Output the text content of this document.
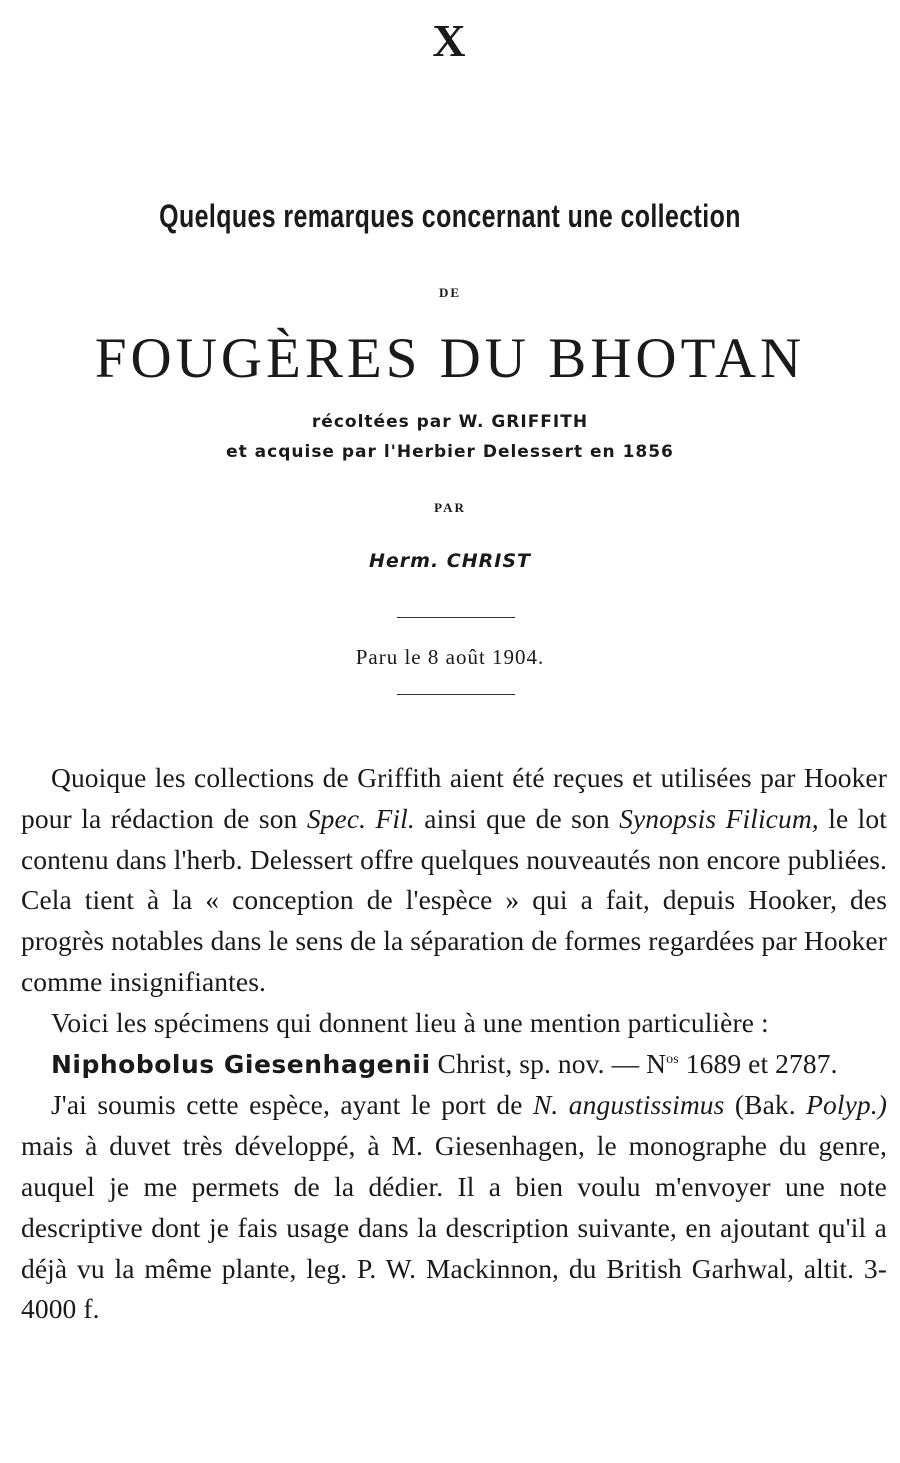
X
Quelques remarques concernant une collection
DE
FOUGÈRES DU BHOTAN
récoltées par W. GRIFFITH
et acquise par l'Herbier Delessert en 1856
PAR
Herm. CHRIST
Paru le 8 août 1904.

Quoique les collections de Griffith aient été reçues et utilisées par Hooker pour la rédaction de son Spec. Fil. ainsi que de son Synopsis Filicum, le lot contenu dans l'herb. Delessert offre quelques nouveautés non encore publiées. Cela tient à la « conception de l'espèce » qui a fait, depuis Hooker, des progrès notables dans le sens de la séparation de formes regardées par Hooker comme insignifiantes.

Voici les spécimens qui donnent lieu à une mention particulière :

Niphobolus Giesenhagenii Christ, sp. nov. — $N^{os}$ 1689 et 2787.

J'ai soumis cette espèce, ayant le port de N. angustissimus (Bak. Polyp.) mais à duvet très développé, à M. Giesenhagen, le monographe du genre, auquel je me permets de la dédier. Il a bien voulu m'envoyer une note descriptive dont je fais usage dans la description suivante, en ajoutant qu'il a déjà vu la même plante, leg. P. W. Mackinnon, du British Garhwal, altit. 3-4000 f.
